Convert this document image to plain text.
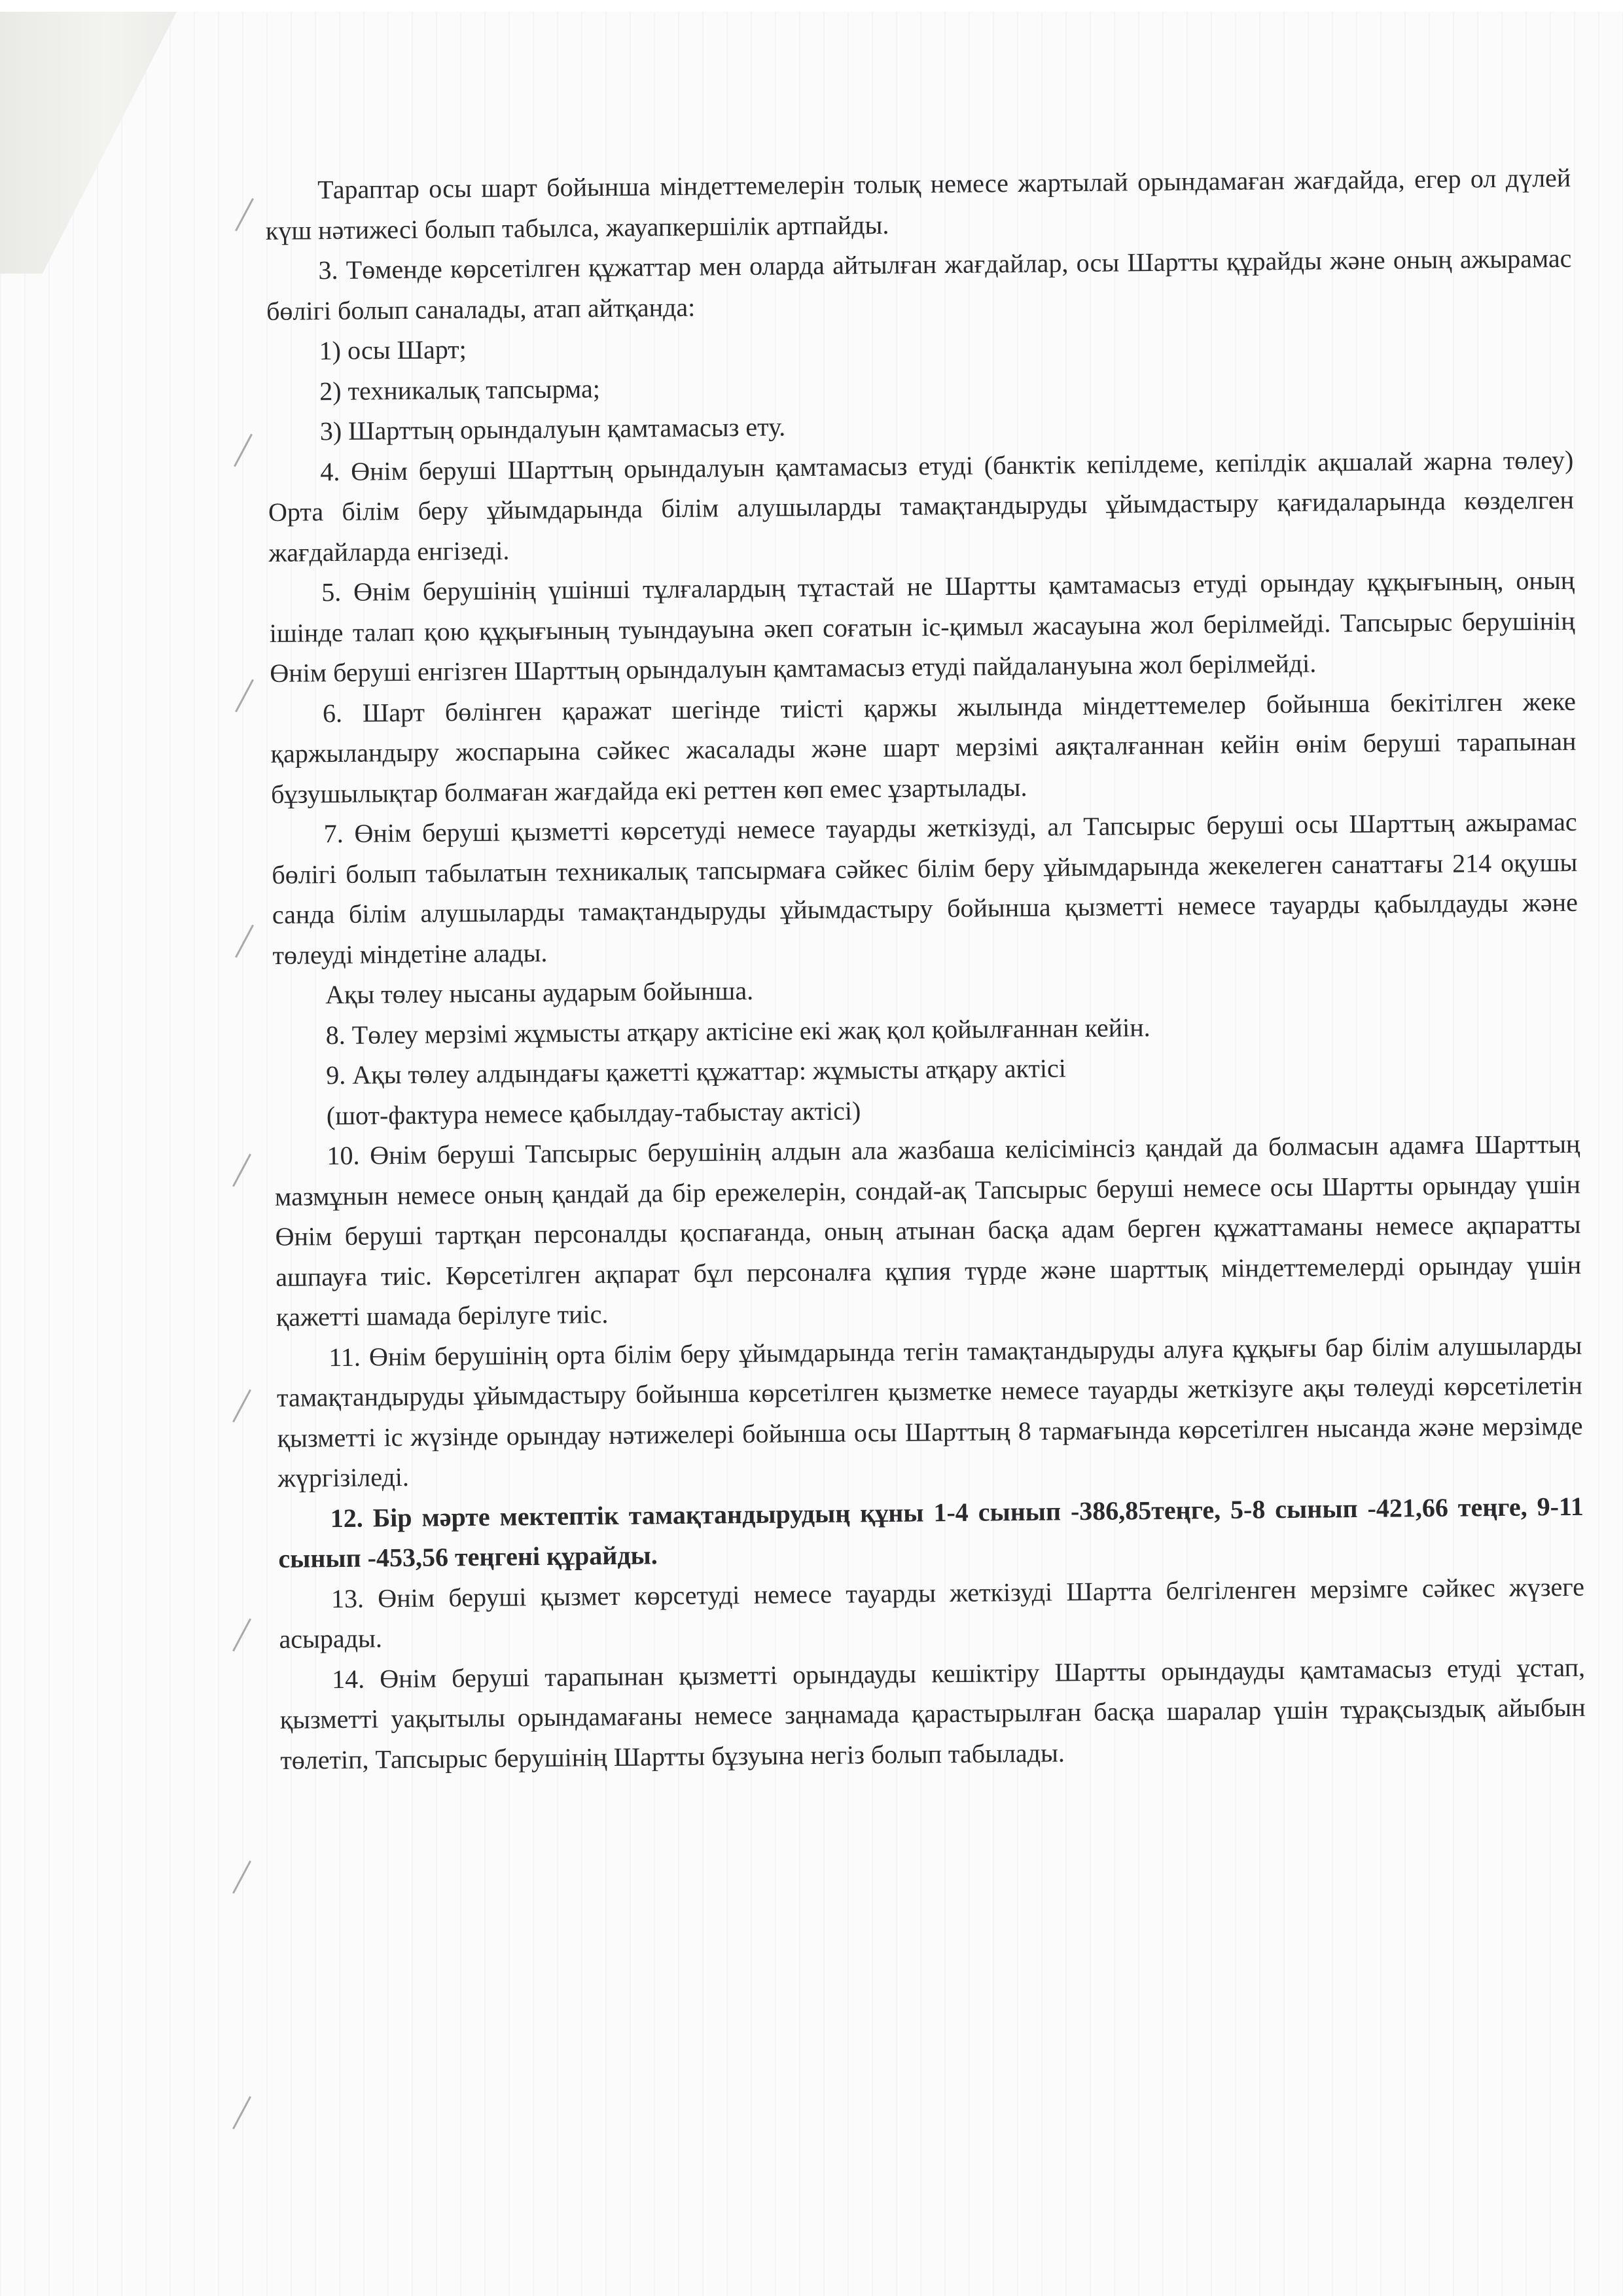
Тараптар осы шарт бойынша міндеттемелерін толық немесе жартылай орындамаған жағдайда, егер ол дүлей күш нәтижесі болып табылса, жауапкершілік артпайды.

3. Төменде көрсетілген құжаттар мен оларда айтылған жағдайлар, осы Шартты құрайды және оның ажырамас бөлігі болып саналады, атап айтқанда:

1) осы Шарт;

2) техникалық тапсырма;

3) Шарттың орындалуын қамтамасыз ету.

4. Өнім беруші Шарттың орындалуын қамтамасыз етуді (банктік кепілдеме, кепілдік ақшалай жарна төлеу) Орта білім беру ұйымдарында білім алушыларды тамақтандыруды ұйымдастыру қағидаларында көзделген жағдайларда енгізеді.

5. Өнім берушінің үшінші тұлғалардың тұтастай не Шартты қамтамасыз етуді орындау құқығының, оның ішінде талап қою құқығының туындауына әкеп соғатын іс-қимыл жасауына жол берілмейді. Тапсырыс берушінің Өнім беруші енгізген Шарттың орындалуын қамтамасыз етуді пайдалануына жол берілмейді.

6. Шарт бөлінген қаражат шегінде тиісті қаржы жылында міндеттемелер бойынша бекітілген жеке қаржыландыру жоспарына сәйкес жасалады және шарт мерзімі аяқталғаннан кейін өнім беруші тарапынан бұзушылықтар болмаған жағдайда екі реттен көп емес ұзартылады.

7. Өнім беруші қызметті көрсетуді немесе тауарды жеткізуді, ал Тапсырыс беруші осы Шарттың ажырамас бөлігі болып табылатын техникалық тапсырмаға сәйкес білім беру ұйымдарында жекелеген санаттағы 214 оқушы санда білім алушыларды тамақтандыруды ұйымдастыру бойынша қызметті немесе тауарды қабылдауды және төлеуді міндетіне алады.

Ақы төлеу нысаны аударым бойынша.

8. Төлеу мерзімі жұмысты атқару актісіне екі жақ қол қойылғаннан кейін.

9. Ақы төлеу алдындағы қажетті құжаттар: жұмысты атқару актісі

(шот-фактура немесе қабылдау-табыстау актісі)

10. Өнім беруші Тапсырыс берушінің алдын ала жазбаша келісімінсіз қандай да болмасын адамға Шарттың мазмұнын немесе оның қандай да бір ережелерін, сондай-ақ Тапсырыс беруші немесе осы Шартты орындау үшін Өнім беруші тартқан персоналды қоспағанда, оның атынан басқа адам берген құжаттаманы немесе ақпаратты ашпауға тиіс. Көрсетілген ақпарат бұл персоналға құпия түрде және шарттық міндеттемелерді орындау үшін қажетті шамада берілуге тиіс.

11. Өнім берушінің орта білім беру ұйымдарында тегін тамақтандыруды алуға құқығы бар білім алушыларды тамақтандыруды ұйымдастыру бойынша көрсетілген қызметке немесе тауарды жеткізуге ақы төлеуді көрсетілетін қызметті іс жүзінде орындау нәтижелері бойынша осы Шарттың 8 тармағында көрсетілген нысанда және мерзімде жүргізіледі.

12. Бір мәрте мектептік тамақтандырудың құны 1-4 сынып -386,85теңге, 5-8 сынып -421,66 теңге, 9-11 сынып -453,56 теңгені құрайды.

13. Өнім беруші қызмет көрсетуді немесе тауарды жеткізуді Шартта белгіленген мерзімге сәйкес жүзеге асырады.

14. Өнім беруші тарапынан қызметті орындауды кешіктіру Шартты орындауды қамтамасыз етуді ұстап, қызметті уақытылы орындамағаны немесе заңнамада қарастырылған басқа шаралар үшін тұрақсыздық айыбын төлетіп, Тапсырыс берушінің Шартты бұзуына негіз болып табылады.
